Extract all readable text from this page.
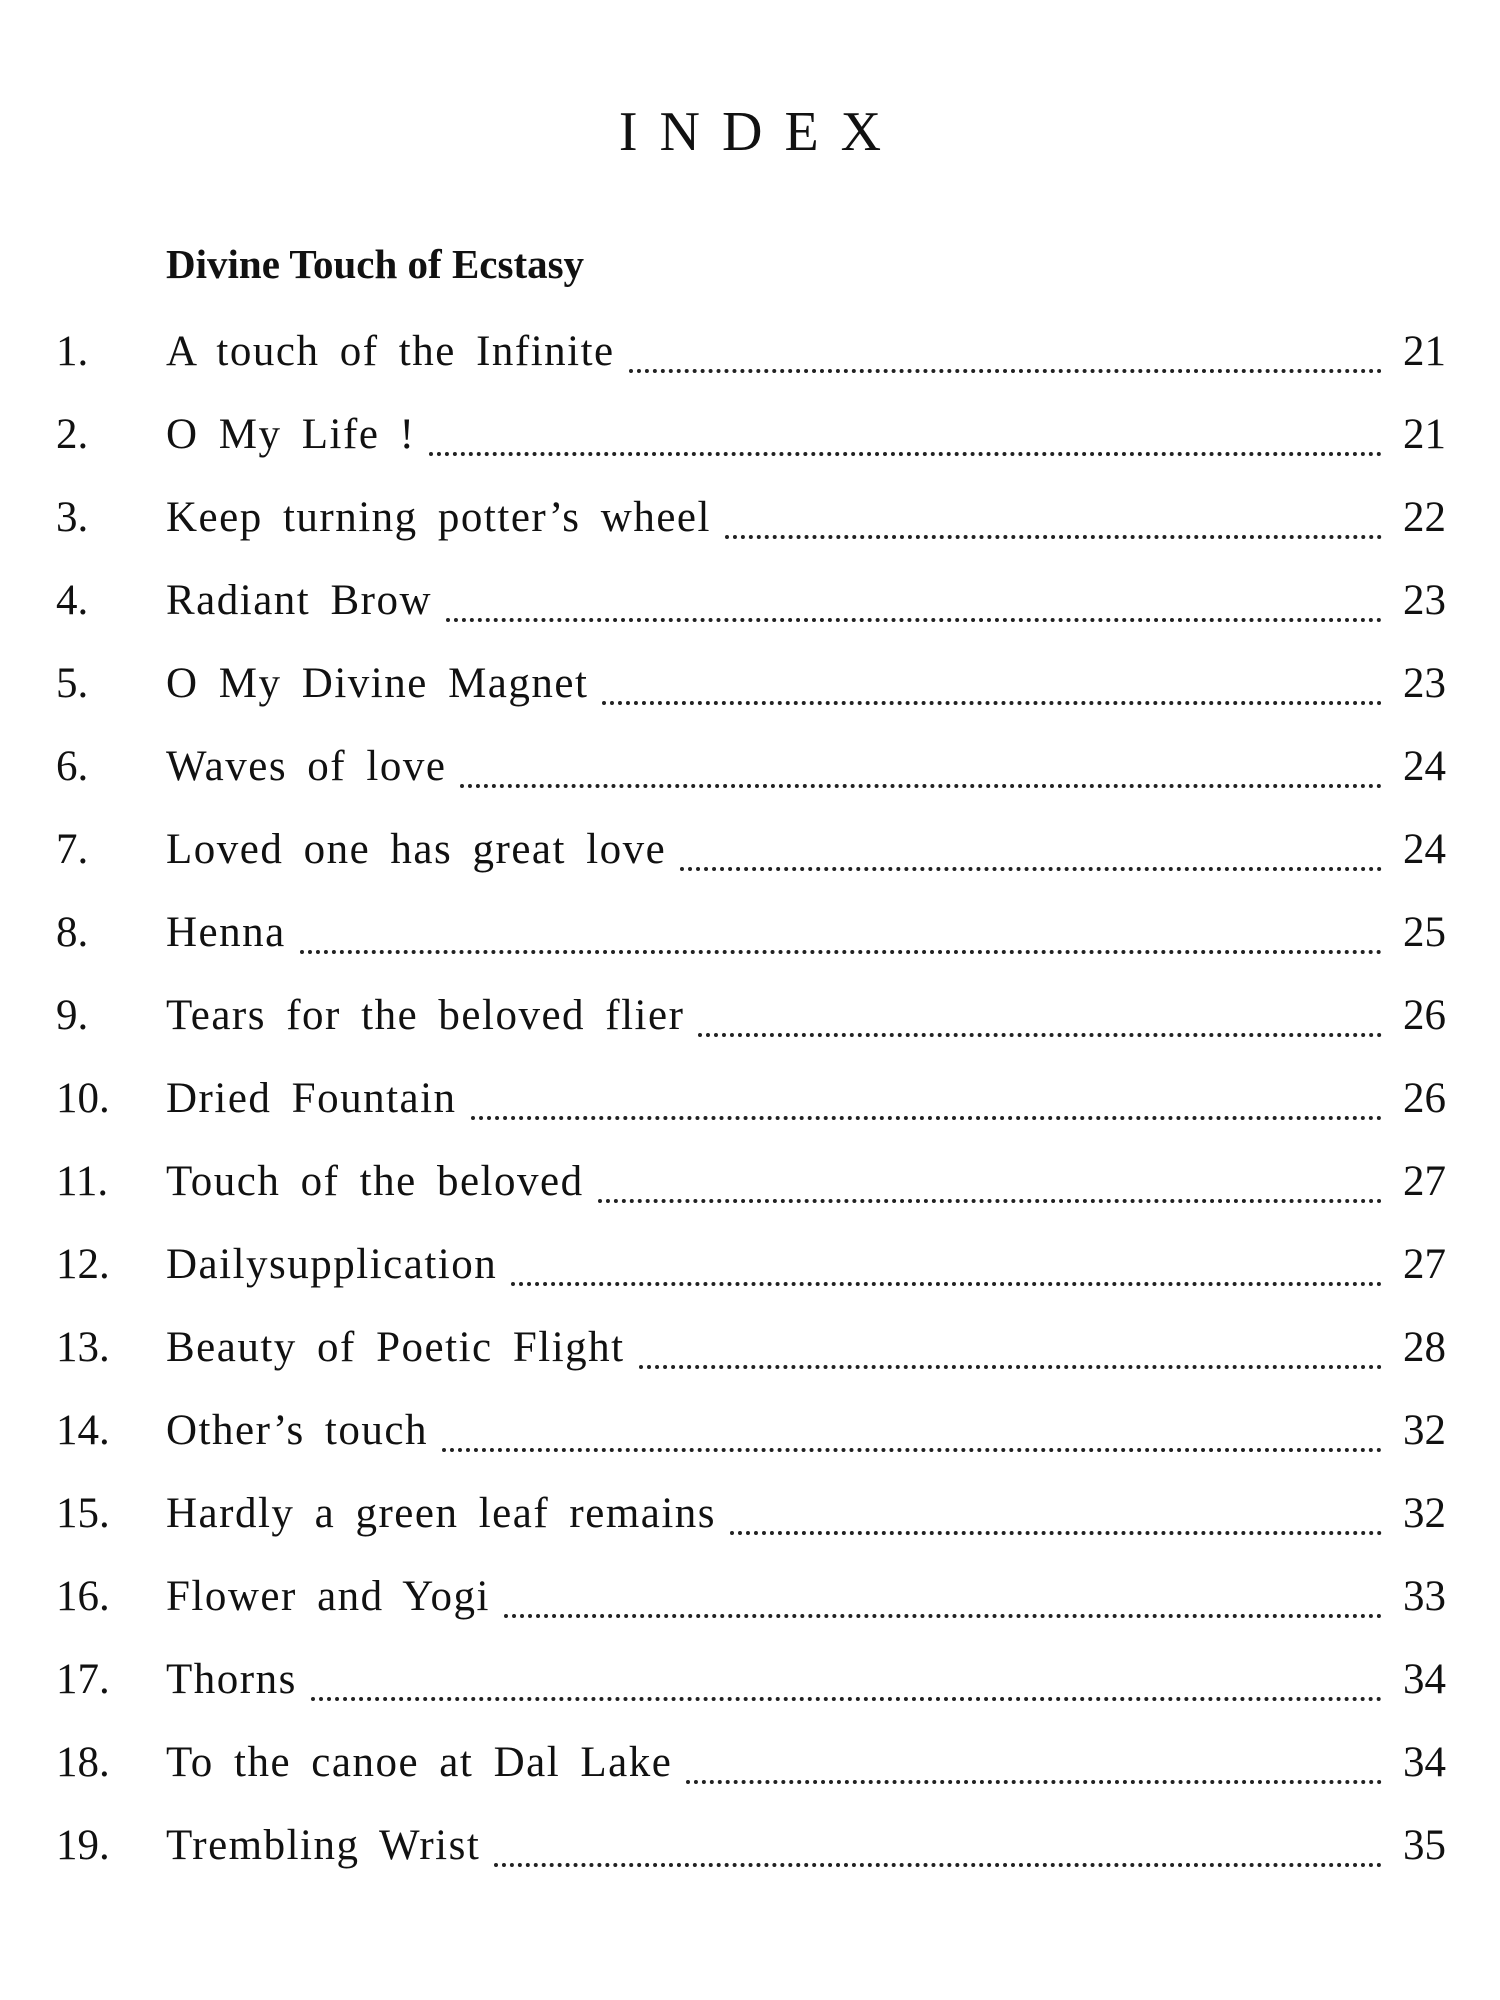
INDEX
Divine Touch of Ecstasy
1.	A touch of the Infinite	21
2.	O My Life !	21
3.	Keep turning potter’s wheel	22
4.	Radiant Brow	23
5.	O My Divine Magnet	23
6.	Waves of love	24
7.	Loved one has great love	24
8.	Henna	25
9.	Tears for the beloved flier	26
10.	Dried Fountain	26
11.	Touch of the beloved	27
12.	Dailysupplication	27
13.	Beauty of Poetic Flight	28
14.	Other’s touch	32
15.	Hardly a green leaf remains	32
16.	Flower and Yogi	33
17.	Thorns	34
18.	To the canoe at Dal Lake	34
19.	Trembling Wrist	35
